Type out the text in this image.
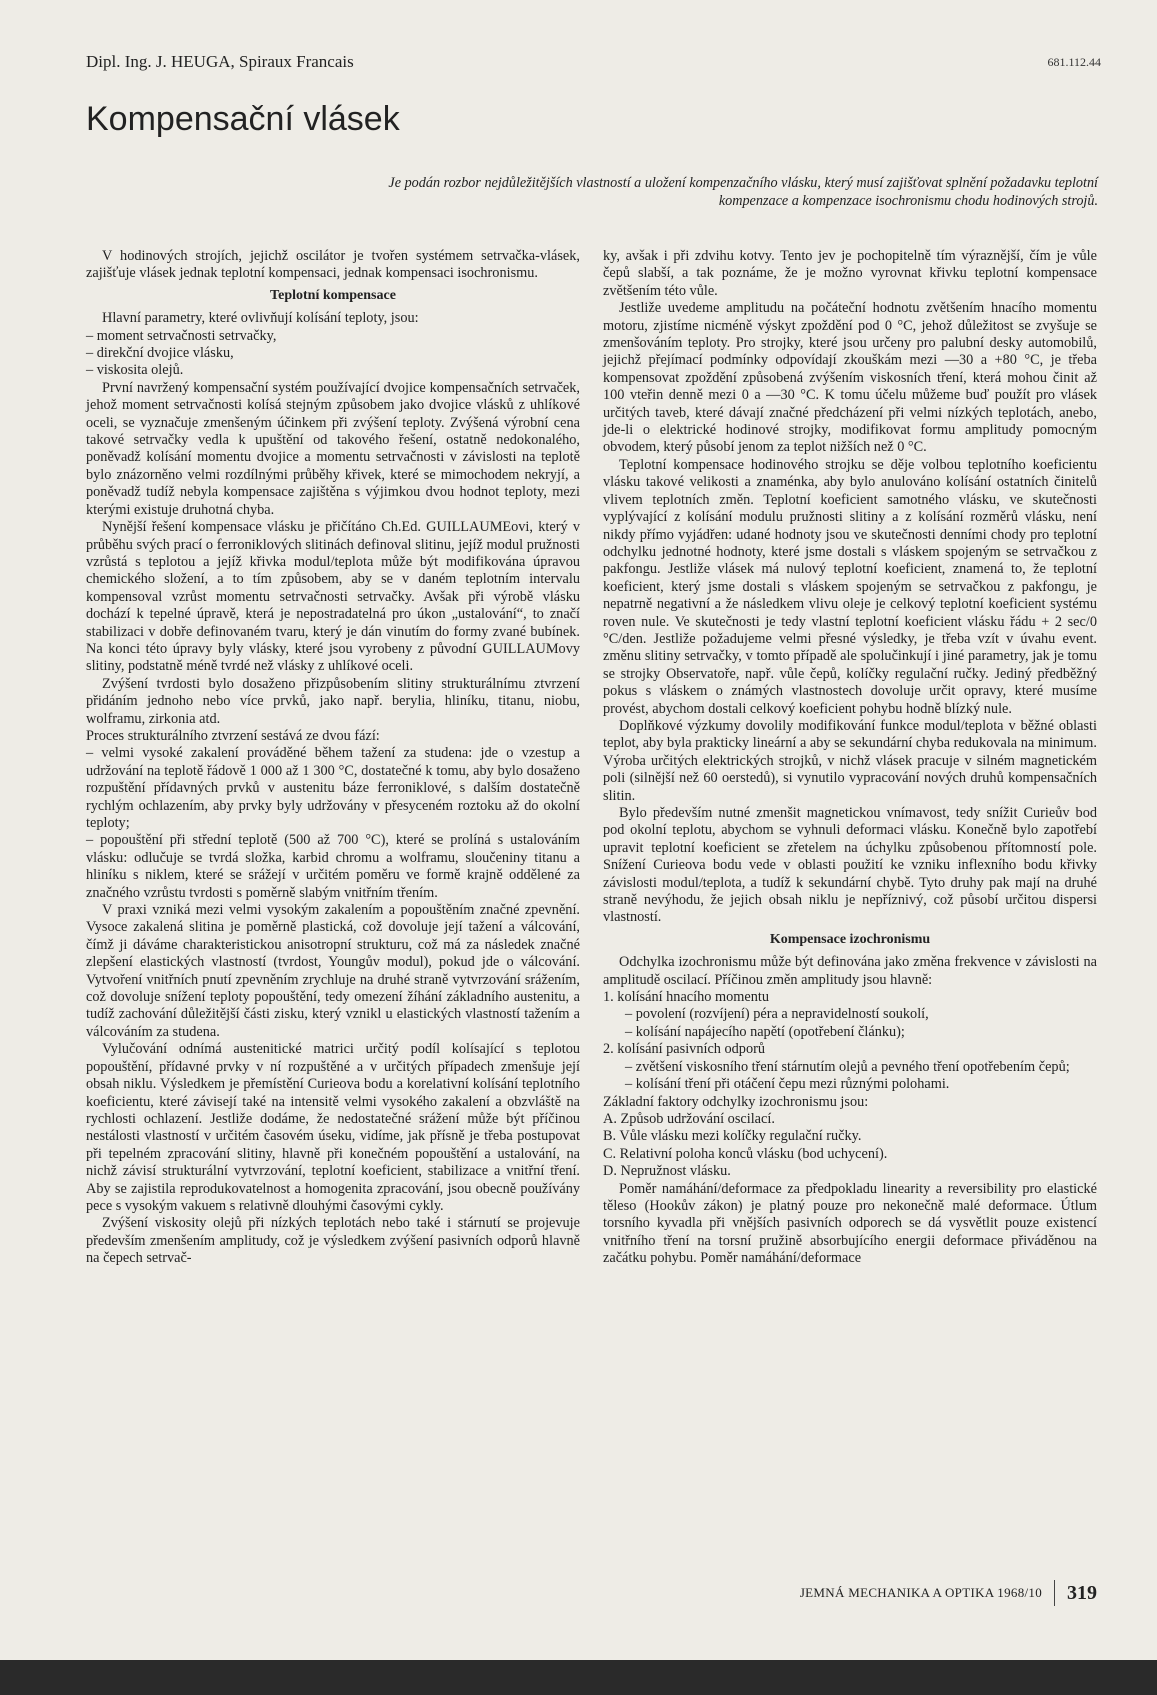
Dipl. Ing. J. HEUGA, Spiraux Francais	681.112.44
Kompensační vlásek
Je podán rozbor nejdůležitějších vlastností a uložení kompenzačního vlásku, který musí zajišťovat splnění požadavku teplotní kompenzace a kompenzace isochronismu chodu hodinových strojů.

V hodinových strojích, jejichž oscilátor je tvořen systémem setrvačka-vlásek, zajišťuje vlásek jednak teplotní kompensaci, jednak kompensaci isochronismu.

Teplotní kompensace

Hlavní parametry, které ovlivňují kolísání teploty, jsou:

– moment setrvačnosti setrvačky,

– direkční dvojice vlásku,

– viskosita olejů.

První navržený kompensační systém používající dvojice kompensačních setrvaček, jehož moment setrvačnosti kolísá stejným způsobem jako dvojice vlásků z uhlíkové oceli, se vyznačuje zmenšeným účinkem při zvýšení teploty. Zvýšená výrobní cena takové setrvačky vedla k upuštění od takového řešení, ostatně nedokonalého, poněvadž kolísání momentu dvojice a momentu setrvačnosti v závislosti na teplotě bylo znázorněno velmi rozdílnými průběhy křivek, které se mimochodem nekryjí, a poněvadž tudíž nebyla kompensace zajištěna s výjimkou dvou hodnot teploty, mezi kterými existuje druhotná chyba.

Nynější řešení kompensace vlásku je přičítáno Ch.Ed. GUILLAUMEovi, který v průběhu svých prací o ferroniklových slitinách definoval slitinu, jejíž modul pružnosti vzrůstá s teplotou a jejíž křivka modul/teplota může být modifikována úpravou chemického složení, a to tím způsobem, aby se v daném teplotním intervalu kompensoval vzrůst momentu setrvačnosti setrvačky. Avšak při výrobě vlásku dochází k tepelné úpravě, která je nepostradatelná pro úkon „ustalování“, to značí stabilizaci v dobře definovaném tvaru, který je dán vinutím do formy zvané bubínek. Na konci této úpravy byly vlásky, které jsou vyrobeny z původní GUILLAUMovy slitiny, podstatně méně tvrdé než vlásky z uhlíkové oceli.

Zvýšení tvrdosti bylo dosaženo přizpůsobením slitiny strukturálnímu ztvrzení přidáním jednoho nebo více prvků, jako např. berylia, hliníku, titanu, niobu, wolframu, zirkonia atd.

Proces strukturálního ztvrzení sestává ze dvou fází:

– velmi vysoké zakalení prováděné během tažení za studena: jde o vzestup a udržování na teplotě řádově 1 000 až 1 300 °C, dostatečné k tomu, aby bylo dosaženo rozpuštění přídavných prvků v austenitu báze ferroniklové, s dalším dostatečně rychlým ochlazením, aby prvky byly udržovány v přesyceném roztoku až do okolní teploty;

– popouštění při střední teplotě (500 až 700 °C), které se prolíná s ustalováním vlásku: odlučuje se tvrdá složka, karbid chromu a wolframu, sloučeniny titanu a hliníku s niklem, které se srážejí v určitém poměru ve formě krajně oddělené za značného vzrůstu tvrdosti s poměrně slabým vnitřním třením.

V praxi vzniká mezi velmi vysokým zakalením a popouštěním značné zpevnění. Vysoce zakalená slitina je poměrně plastická, což dovoluje její tažení a válcování, čímž ji dáváme charakteristickou anisotropní strukturu, což má za následek značné zlepšení elastických vlastností (tvrdost, Youngův modul), pokud jde o válcování. Vytvoření vnitřních pnutí zpevněním zrychluje na druhé straně vytvrzování srážením, což dovoluje snížení teploty popouštění, tedy omezení žíhání základního austenitu, a tudíž zachování důležitější části zisku, který vznikl u elastických vlastností tažením a válcováním za studena.

Vylučování odnímá austenitické matrici určitý podíl kolísající s teplotou popouštění, přídavné prvky v ní rozpuštěné a v určitých případech zmenšuje její obsah niklu. Výsledkem je přemístění Curieova bodu a korelativní kolísání teplotního koeficientu, které závisejí také na intensitě velmi vysokého zakalení a obzvláště na rychlosti ochlazení. Jestliže dodáme, že nedostatečné srážení může být příčinou nestálosti vlastností v určitém časovém úseku, vidíme, jak přísně je třeba postupovat při tepelném zpracování slitiny, hlavně při konečném popouštění a ustalování, na nichž závisí strukturální vytvrzování, teplotní koeficient, stabilizace a vnitřní tření. Aby se zajistila reprodukovatelnost a homogenita zpracování, jsou obecně používány pece s vysokým vakuem s relativně dlouhými časovými cykly.

Zvýšení viskosity olejů při nízkých teplotách nebo také i stárnutí se projevuje především zmenšením amplitudy, což je výsledkem zvýšení pasivních odporů hlavně na čepech setrvač-

ky, avšak i při zdvihu kotvy. Tento jev je pochopitelně tím výraznější, čím je vůle čepů slabší, a tak poznáme, že je možno vyrovnat křivku teplotní kompensace zvětšením této vůle.

Jestliže uvedeme amplitudu na počáteční hodnotu zvětšením hnacího momentu motoru, zjistíme nicméně výskyt zpoždění pod 0 °C, jehož důležitost se zvyšuje se zmenšováním teploty. Pro strojky, které jsou určeny pro palubní desky automobilů, jejichž přejímací podmínky odpovídají zkouškám mezi —30 a +80 °C, je třeba kompensovat zpoždění způsobená zvýšením viskosních tření, která mohou činit až 100 vteřin denně mezi 0 a —30 °C. K tomu účelu můžeme buď použít pro vlásek určitých taveb, které dávají značné předcházení při velmi nízkých teplotách, anebo, jde-li o elektrické hodinové strojky, modifikovat formu amplitudy pomocným obvodem, který působí jenom za teplot nižších než 0 °C.

Teplotní kompensace hodinového strojku se děje volbou teplotního koeficientu vlásku takové velikosti a znaménka, aby bylo anulováno kolísání ostatních činitelů vlivem teplotních změn. Teplotní koeficient samotného vlásku, ve skutečnosti vyplývající z kolísání modulu pružnosti slitiny a z kolísání rozměrů vlásku, není nikdy přímo vyjádřen: udané hodnoty jsou ve skutečnosti denními chody pro teplotní odchylku jednotné hodnoty, které jsme dostali s vláskem spojeným se setrvačkou z pakfongu. Jestliže vlásek má nulový teplotní koeficient, znamená to, že teplotní koeficient, který jsme dostali s vláskem spojeným se setrvačkou z pakfongu, je nepatrně negativní a že následkem vlivu oleje je celkový teplotní koeficient systému roven nule. Ve skutečnosti je tedy vlastní teplotní koeficient vlásku řádu + 2 sec/0 °C/den. Jestliže požadujeme velmi přesné výsledky, je třeba vzít v úvahu event. změnu slitiny setrvačky, v tomto případě ale spolučinkují i jiné parametry, jak je tomu se strojky Observatoře, např. vůle čepů, kolíčky regulační ručky. Jediný předběžný pokus s vláskem o známých vlastnostech dovoluje určit opravy, které musíme provést, abychom dostali celkový koeficient pohybu hodně blízký nule.

Doplňkové výzkumy dovolily modifikování funkce modul/teplota v běžné oblasti teplot, aby byla prakticky lineární a aby se sekundární chyba redukovala na minimum. Výroba určitých elektrických strojků, v nichž vlásek pracuje v silném magnetickém poli (silnější než 60 oerstedů), si vynutilo vypracování nových druhů kompensačních slitin.

Bylo především nutné zmenšit magnetickou vnímavost, tedy snížit Curieův bod pod okolní teplotu, abychom se vyhnuli deformaci vlásku. Konečně bylo zapotřebí upravit teplotní koeficient se zřetelem na úchylku způsobenou přítomností pole. Snížení Curieova bodu vede v oblasti použití ke vzniku inflexního bodu křivky závislosti modul/teplota, a tudíž k sekundární chybě. Tyto druhy pak mají na druhé straně nevýhodu, že jejich obsah niklu je nepříznivý, což působí určitou dispersi vlastností.

Kompensace izochronismu

Odchylka izochronismu může být definována jako změna frekvence v závislosti na amplitudě oscilací. Příčinou změn amplitudy jsou hlavně:

1. kolísání hnacího momentu

– povolení (rozvíjení) péra a nepravidelností soukolí,

– kolísání napájecího napětí (opotřebení článku);

2. kolísání pasivních odporů

– zvětšení viskosního tření stárnutím olejů a pevného tření opotřebením čepů;

– kolísání tření při otáčení čepu mezi různými polohami.

Základní faktory odchylky izochronismu jsou:

A. Způsob udržování oscilací.

B. Vůle vlásku mezi kolíčky regulační ručky.

C. Relativní poloha konců vlásku (bod uchycení).

D. Nepružnost vlásku.

Poměr namáhání/deformace za předpokladu linearity a reversibility pro elastické těleso (Hookův zákon) je platný pouze pro nekonečně malé deformace. Útlum torsního kyvadla při vnějších pasivních odporech se dá vysvětlit pouze existencí vnitřního tření na torsní pružině absorbujícího energii deformace přiváděnou na začátku pohybu. Poměr namáhání/deformace

JEMNÁ MECHANIKA A OPTIKA 1968/10 319
